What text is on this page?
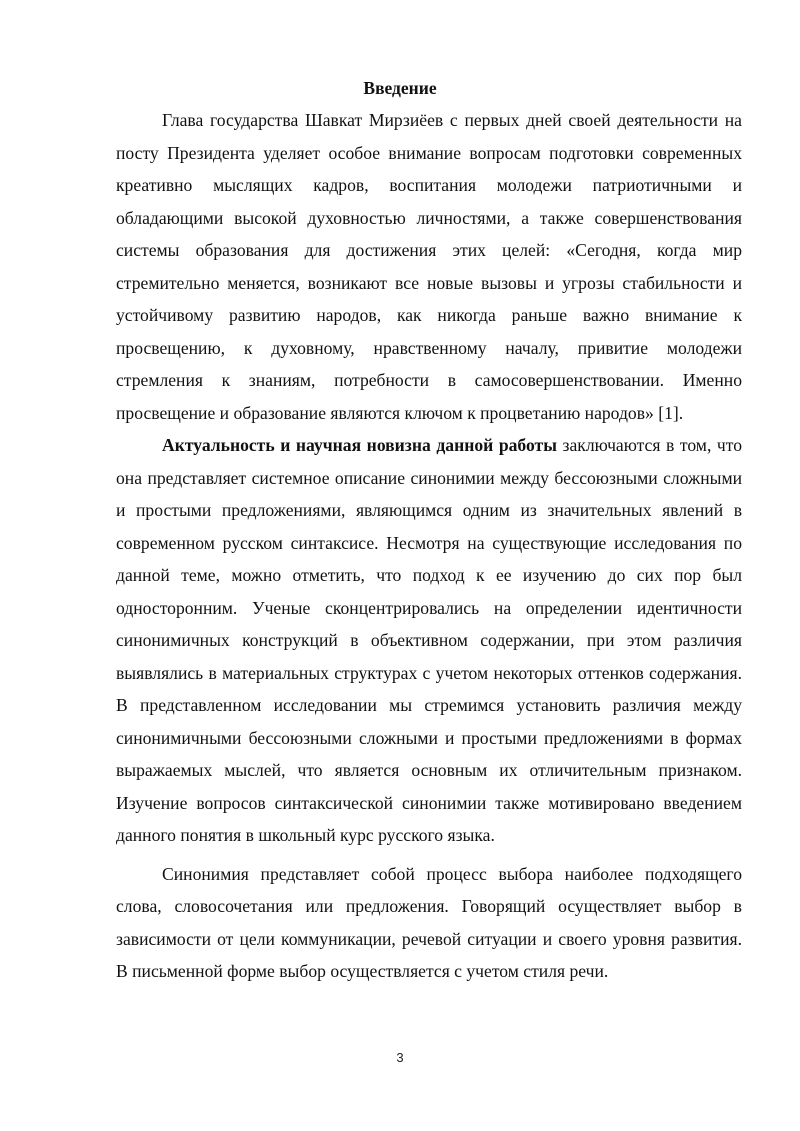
Введение

Глава государства Шавкат Мирзиёев с первых дней своей деятельности на посту Президента уделяет особое внимание вопросам подготовки современных креативно мыслящих кадров, воспитания молодежи патриотичными и обладающими высокой духовностью личностями, а также совершенствования системы образования для достижения этих целей: «Сегодня, когда мир стремительно меняется, возникают все новые вызовы и угрозы стабильности и устойчивому развитию народов, как никогда раньше важно внимание к просвещению, к духовному, нравственному началу, привитие молодежи стремления к знаниям, потребности в самосовершенствовании. Именно просвещение и образование являются ключом к процветанию народов» [1].

Актуальность и научная новизна данной работы заключаются в том, что она представляет системное описание синонимии между бессоюзными сложными и простыми предложениями, являющимся одним из значительных явлений в современном русском синтаксисе. Несмотря на существующие исследования по данной теме, можно отметить, что подход к ее изучению до сих пор был односторонним. Ученые сконцентрировались на определении идентичности синонимичных конструкций в объективном содержании, при этом различия выявлялись в материальных структурах с учетом некоторых оттенков содержания. В представленном исследовании мы стремимся установить различия между синонимичными бессоюзными сложными и простыми предложениями в формах выражаемых мыслей, что является основным их отличительным признаком. Изучение вопросов синтаксической синонимии также мотивировано введением данного понятия в школьный курс русского языка.

Синонимия представляет собой процесс выбора наиболее подходящего слова, словосочетания или предложения. Говорящий осуществляет выбор в зависимости от цели коммуникации, речевой ситуации и своего уровня развития. В письменной форме выбор осуществляется с учетом стиля речи.

3
